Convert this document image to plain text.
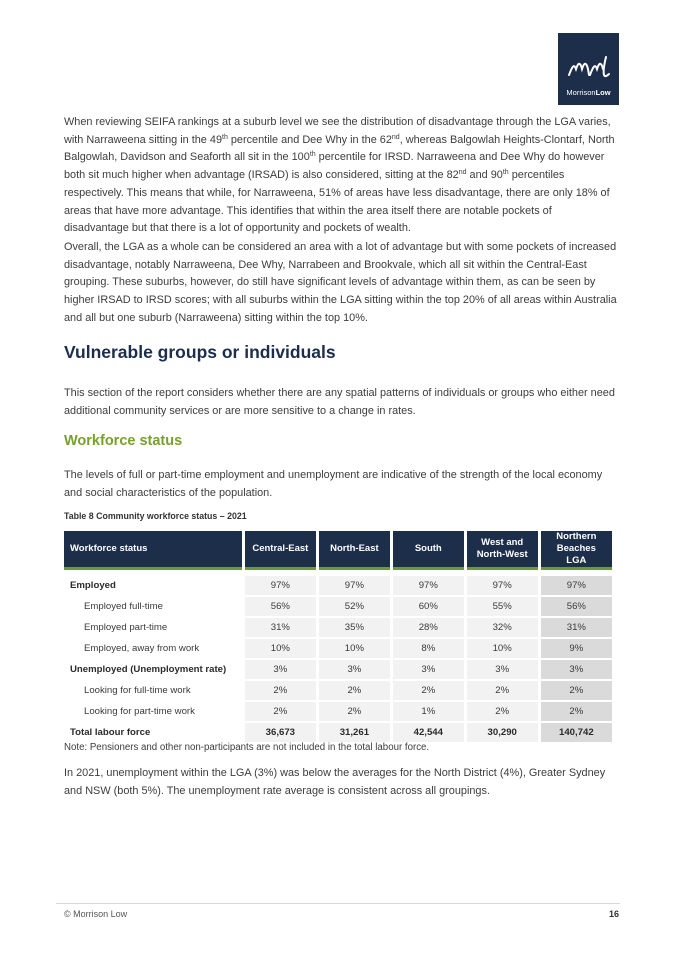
MorrisonLow

When reviewing SEIFA rankings at a suburb level we see the distribution of disadvantage through the LGA varies, with Narraweena sitting in the 49th percentile and Dee Why in the 62nd, whereas Balgowlah Heights-Clontarf, North Balgowlah, Davidson and Seaforth all sit in the 100th percentile for IRSD. Narraweena and Dee Why do however both sit much higher when advantage (IRSAD) is also considered, sitting at the 82nd and 90th percentiles respectively. This means that while, for Narraweena, 51% of areas have less disadvantage, there are only 18% of areas that have more advantage. This identifies that within the area itself there are notable pockets of disadvantage but that there is a lot of opportunity and pockets of wealth.

Overall, the LGA as a whole can be considered an area with a lot of advantage but with some pockets of increased disadvantage, notably Narraweena, Dee Why, Narrabeen and Brookvale, which all sit within the Central-East grouping. These suburbs, however, do still have significant levels of advantage within them, as can be seen by higher IRSAD to IRSD scores; with all suburbs within the LGA sitting within the top 20% of all areas within Australia and all but one suburb (Narraweena) sitting within the top 10%.

Vulnerable groups or individuals

This section of the report considers whether there are any spatial patterns of individuals or groups who either need additional community services or are more sensitive to a change in rates.

Workforce status

The levels of full or part-time employment and unemployment are indicative of the strength of the local economy and social characteristics of the population.

Table 8 Community workforce status – 2021
Workforce status	Central-East	North-East	South	West and North-West	Northern Beaches LGA

Employed	97%	97%	97%	97%	97%
Employed full-time	56%	52%	60%	55%	56%
Employed part-time	31%	35%	28%	32%	31%
Employed, away from work	10%	10%	8%	10%	9%
Unemployed (Unemployment rate)	3%	3%	3%	3%	3%
Looking for full-time work	2%	2%	2%	2%	2%
Looking for part-time work	2%	2%	1%	2%	2%
Total labour force	36,673	31,261	42,544	30,290	140,742
Note: Pensioners and other non-participants are not included in the total labour force.

In 2021, unemployment within the LGA (3%) was below the averages for the North District (4%), Greater Sydney and NSW (both 5%). The unemployment rate average is consistent across all groupings.

© Morrison Low	16
